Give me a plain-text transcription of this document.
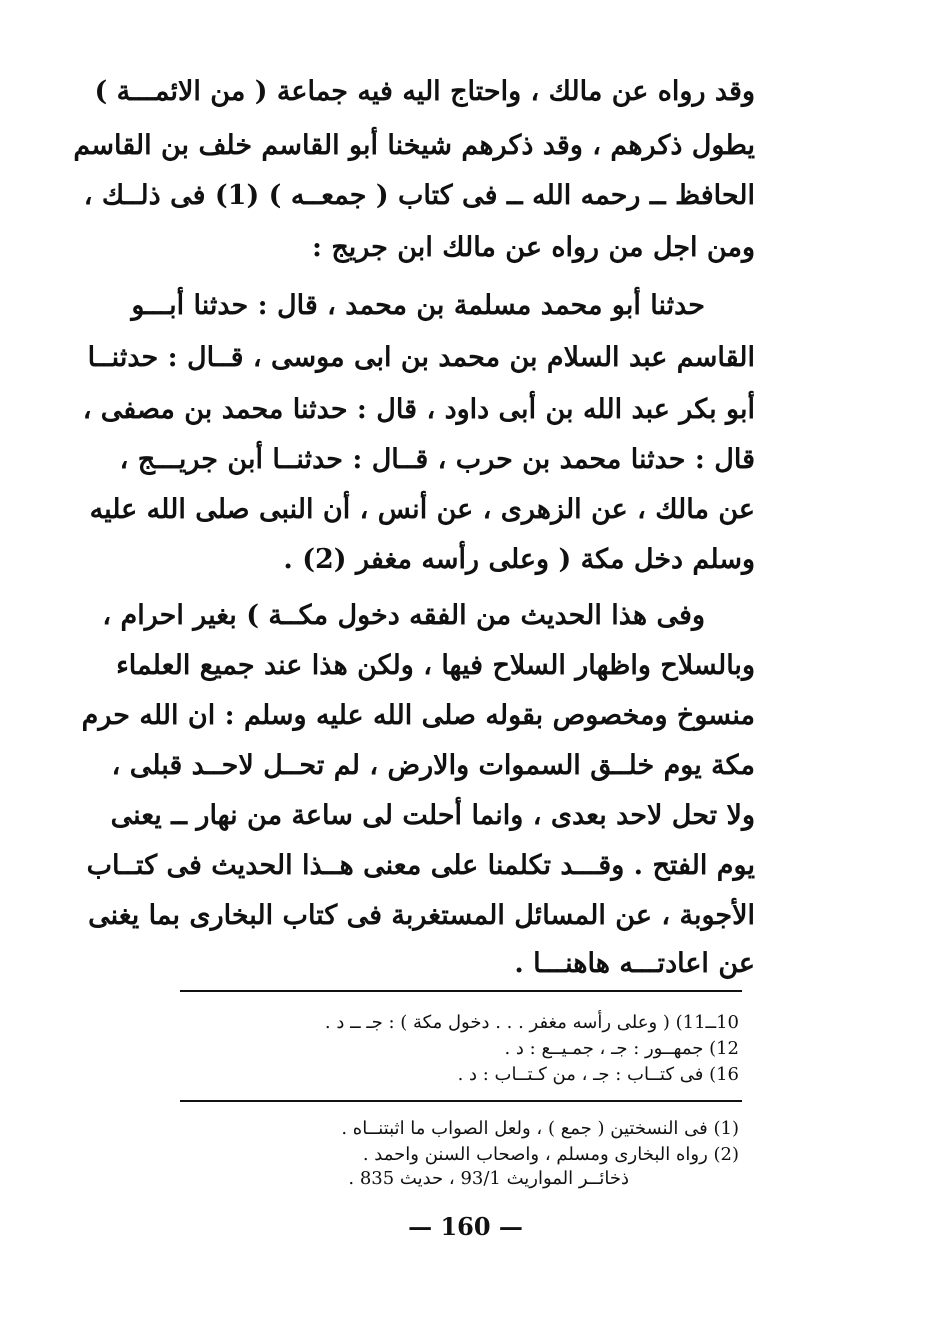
وقد رواه عن مالك ، واحتاج اليه فيه جماعة ( من الائمـــة )
يطول ذكرهم ، وقد ذكرهم شيخنا أبو القاسم خلف بن القاسم
الحافظ ــ رحمه الله ــ فى كتاب ( جمعــه ) (1) فى ذلــك ،
ومن اجل من رواه عن مالك ابن جريج :
حدثنا أبو محمد مسلمة بن محمد ، قال : حدثنا أبـــو
القاسم عبد السلام بن محمد بن ابى موسى ، قــال : حدثنــا
أبو بكر عبد الله بن أبى داود ، قال : حدثنا محمد بن مصفى ،
قال : حدثنا محمد بن حرب ، قــال : حدثنــا أبن جريـــج ،
عن مالك ، عن الزهرى ، عن أنس ، أن النبى صلى الله عليه
وسلم دخل مكة ( وعلى رأسه مغفر (2) .
وفى هذا الحديث من الفقه دخول مكــة ) بغير احرام ،
وبالسلاح واظهار السلاح فيها ، ولكن هذا عند جميع العلماء
منسوخ ومخصوص بقوله صلى الله عليه وسلم : ان الله حرم
مكة يوم خلــق السموات والارض ، لم تحــل لاحــد قبلى ،
ولا تحل لاحد بعدى ، وانما أحلت لى ساعة من نهار ــ يعنى
يوم الفتح . وقـــد تكلمنا على معنى هــذا الحديث فى كتــاب
الأجوبة ، عن المسائل المستغربة فى كتاب البخارى بما يغنى
عن اعادتـــه هاهنـــا .
10ــ11) ( وعلى رأسه مغفر . . . دخول مكة ) : جـ ــ د .
12) جمهــور : جـ ، جمـيــع : د .
16) فى كتــاب : جـ ، من كـتــاب : د .
(1) فى النسختين ( جمع ) ، ولعل الصواب ما اثبتنــاه .
(2) رواه البخارى ومسلم ، واصحاب السنن واحمد .
ذخائــر المواريث 93/1 ، حديث 835 .
— 160 —
